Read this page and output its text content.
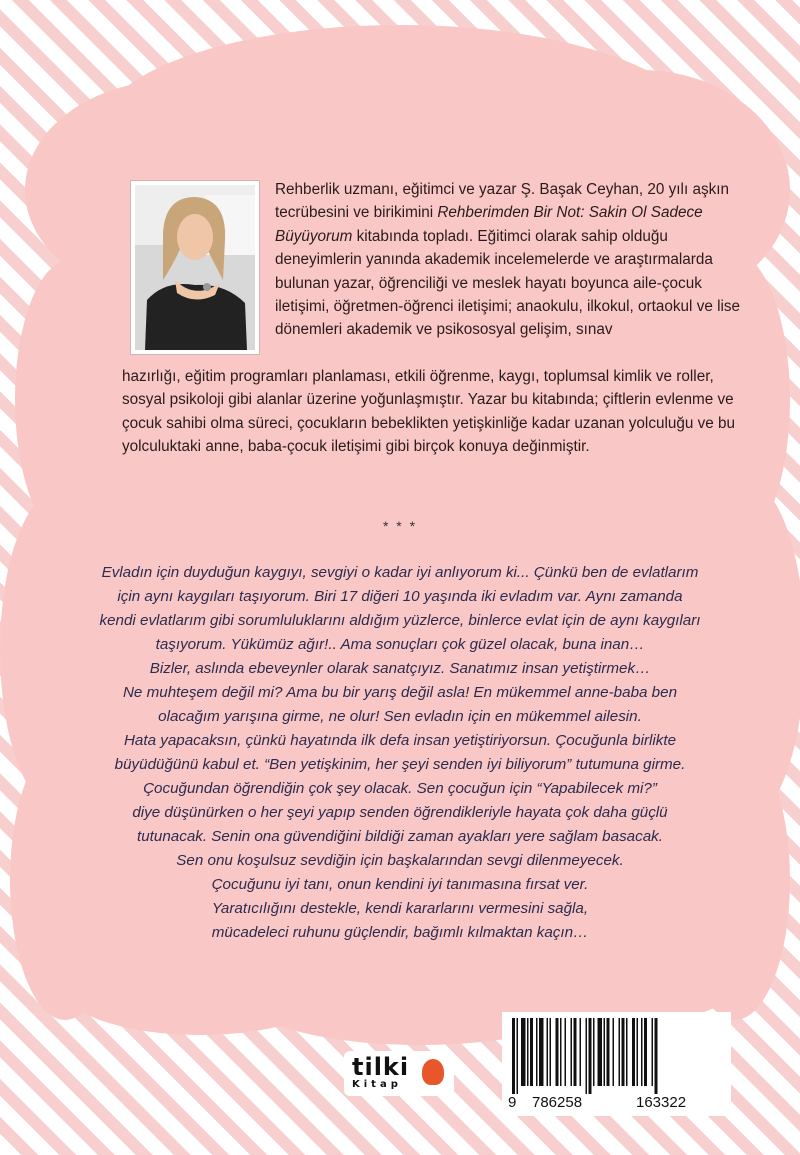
Rehberlik uzmanı, eğitimci ve yazar Ş. Başak Ceyhan, 20 yılı aşkın tecrübesini ve birikimini Rehberimden Bir Not: Sakin Ol Sadece Büyüyorum kitabında topladı. Eğitimci olarak sahip olduğu deneyimlerin yanında akademik incelemelerde ve araştırmalarda bulunan yazar, öğrenciliği ve meslek hayatı boyunca aile-çocuk iletişimi, öğretmen-öğrenci iletişimi; anaokulu, ilkokul, ortaokul ve lise dönemleri akademik ve psikososyal gelişim, sınav
hazırlığı, eğitim programları planlaması, etkili öğrenme, kaygı, toplumsal kimlik ve roller, sosyal psikoloji gibi alanlar üzerine yoğunlaşmıştır. Yazar bu kitabında; çiftlerin evlenme ve çocuk sahibi olma süreci, çocukların bebeklikten yetişkinliğe kadar uzanan yolculuğu ve bu yolculuktaki anne, baba-çocuk iletişimi gibi birçok konuya değinmiştir.
* * *
Evladın için duyduğun kaygıyı, sevgiyi o kadar iyi anlıyorum ki... Çünkü ben de evlatlarım
için aynı kaygıları taşıyorum. Biri 17 diğeri 10 yaşında iki evladım var. Aynı zamanda
kendi evlatlarım gibi sorumluluklarını aldığım yüzlerce, binlerce evlat için de aynı kaygıları
taşıyorum. Yükümüz ağır!.. Ama sonuçları çok güzel olacak, buna inan…
Bizler, aslında ebeveynler olarak sanatçıyız. Sanatımız insan yetiştirmek…
Ne muhteşem değil mi? Ama bu bir yarış değil asla! En mükemmel anne-baba ben
olacağım yarışına girme, ne olur! Sen evladın için en mükemmel ailesin.
Hata yapacaksın, çünkü hayatında ilk defa insan yetiştiriyorsun. Çocuğunla birlikte
büyüdüğünü kabul et. “Ben yetişkinim, her şeyi senden iyi biliyorum” tutumuna girme.
Çocuğundan öğrendiğin çok şey olacak. Sen çocuğun için “Yapabilecek mi?”
diye düşünürken o her şeyi yapıp senden öğrendikleriyle hayata çok daha güçlü
tutunacak. Senin ona güvendiğini bildiği zaman ayakları yere sağlam basacak.
Sen onu koşulsuz sevdiğin için başkalarından sevgi dilenmeyecek.
Çocuğunu iyi tanı, onun kendini iyi tanımasına fırsat ver.
Yaratıcılığını destekle, kendi kararlarını vermesini sağla,
mücadeleci ruhunu güçlendir, bağımlı kılmaktan kaçın…
tilki
Kitap
9 786258	163322
